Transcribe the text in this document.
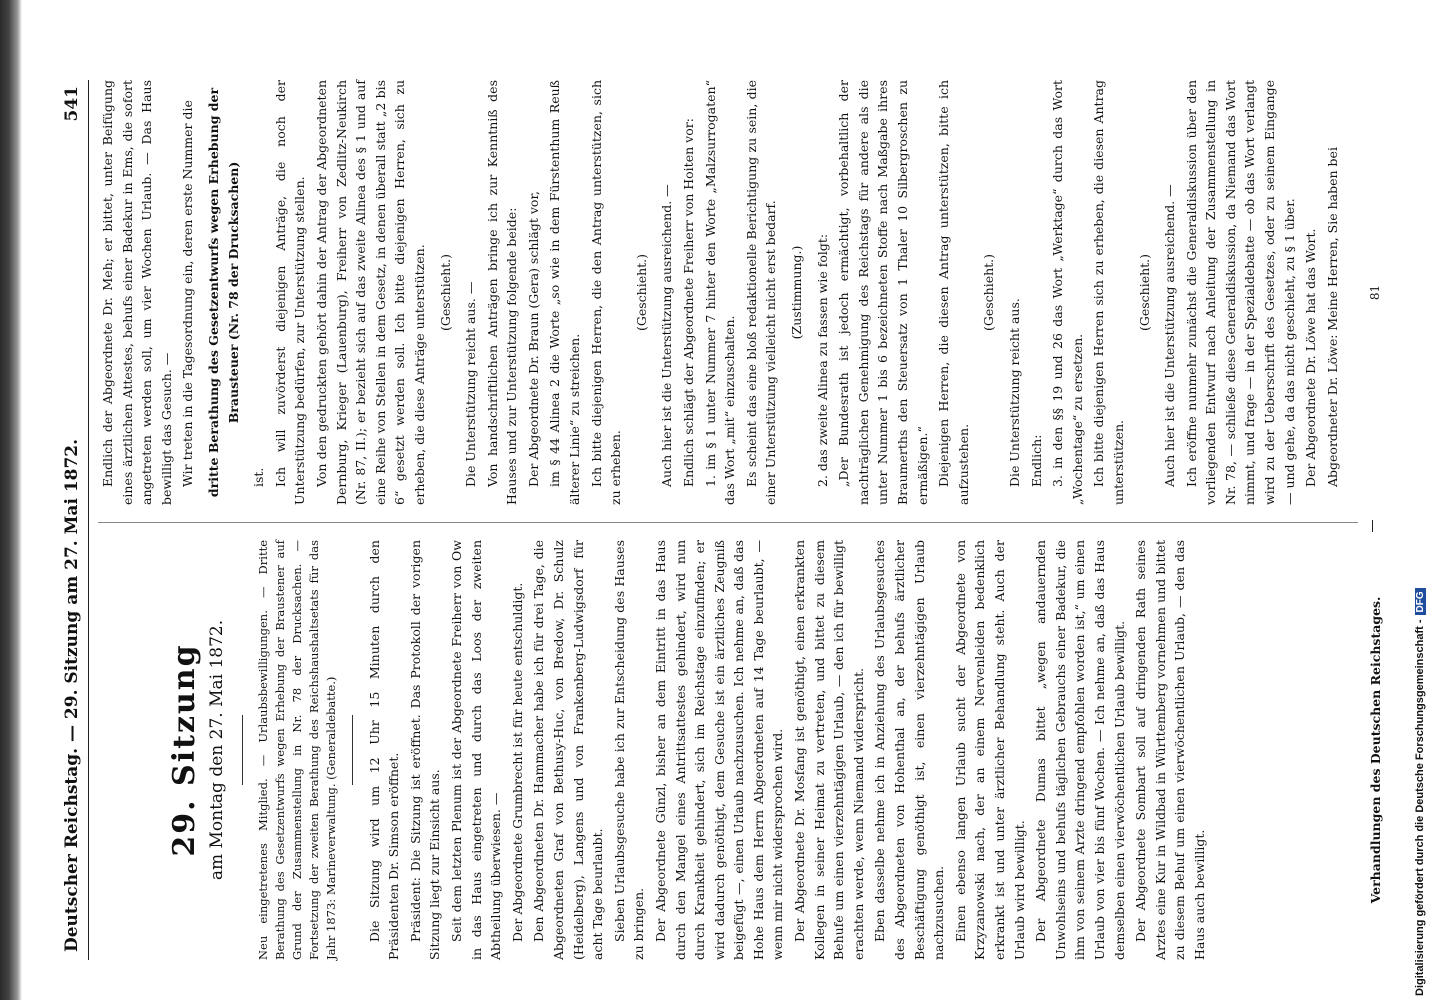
Deutscher Reichstag. — 29. Sitzung am 27. Mai 1872.
541
29. Sitzung am Montag den 27. Mai 1872. Neu eingetretenes Mitglied. — Urlaubsbewilligungen. — Dritte Berathung des Gesetzentwurfs wegen Erhebung der Braustener auf Grund der Zusammenstellung in Nr. 78 der Drucksachen. — Fortsetzung der zweiten Berathung des Reichshaushaltsetats für das Jahr 1873: Marineverwaltung. (Generaldebatte.) Die Sitzung wird um 12 Uhr 15 Minuten durch den Präsidenten Dr. Simson eröffnet. Präsident: Die Sitzung ist eröffnet. Das Protokoll der vorigen Sitzung liegt zur Einsicht aus. Seit dem letzten Plenum ist der Abgeordnete Freiherr von Ow in das Haus eingetreten und durch das Loos der zweiten Abtheilung überwiesen. — Der Abgeordnete Grumbrecht ist für heute entschuldigt. Den Abgeordneten Dr. Hammacher habe ich für drei Tage, die Abgeordneten Graf von Bethusy-Huc, von Bredow, Dr. Schulz (Heidelberg), Langens und von Frankenberg-Ludwigsdorf für acht Tage beurlaubt. Sieben Urlaubsgesuche habe ich zur Entscheidung des Hauses zu bringen. Der Abgeordnete Günzl, bisher an dem Eintritt in das Haus durch den Mangel eines Antrittsattestes gehindert, wird nun durch Krankheit gehindert, sich im Reichstage einzufinden; er wird dadurch genöthigt, dem Gesuche ist ein ärztliches Zeugniß beigefügt —, einen Urlaub nachzusuchen. Ich nehme an, daß das Hohe Haus dem Herrn Abgeordneten auf 14 Tage beurlaubt, — wenn mir nicht widersprochen wird. Der Abgeordnete Dr. Mosfang ist genöthigt, einen erkrankten Kollegen in seiner Heimat zu vertreten, und bittet zu diesem Behufe um einen vierzehntägigen Urlaub, — den ich für bewilligt erachten werde, wenn Niemand widerspricht. Eben dasselbe nehme ich in Anziehung des Urlaubsgesuches des Abgeordneten von Hohenthal an, der behufs ärztlicher Beschäftigung genöthigt ist, einen vierzehntägigen Urlaub nachzusuchen. Einen ebenso langen Urlaub sucht der Abgeordnete von Krzyzanowski nach, der an einem Nervenleiden bedenklich erkrankt ist und unter ärztlicher Behandlung steht. Auch der Urlaub wird bewilligt. Der Abgeordnete Dumas bittet „wegen andauernden Unwohlseins und behufs täglichen Gebrauchs einer Badekur, die ihm von seinem Arzte dringend empfohlen worden ist,“ um einen Urlaub von vier bis fünf Wochen. — Ich nehme an, daß das Haus demselben einen vierwöchentlichen Urlaub bewilligt. Der Abgeordnete Sombart soll auf dringenden Rath seines Arztes eine Kur in Wildbad in Württemberg vornehmen und bittet zu diesem Behuf um einen vierwöchentlichen Urlaub, — den das Haus auch bewilligt.
Endlich der Abgeordnete Dr. Meh; er bittet, unter Beifügung eines ärztlichen Attestes, behufs einer Badekur in Ems, die sofort angetreten werden soll, um vier Wochen Urlaub. — Das Haus bewilligt das Gesuch. — Wir treten in die Tagesordnung ein, deren erste Nummer die dritte Berathung des Gesetzentwurfs wegen Erhebung der Brausteuer (Nr. 78 der Drucksachen)
ist. Ich will zuvörderst diejenigen Anträge, die noch der Unterstützung bedürfen, zur Unterstützung stellen. Von den gedruckten gehört dahin der Antrag der Abgeordneten Dernburg, Krieger (Lauenburg), Freiherr von Zedlitz-Neukirch (Nr. 87, II.); er bezieht sich auf das zweite Alinea des § 1 und auf eine Reihe von Stellen in dem Gesetz, in denen überall statt „2 bis 6“ gesetzt werden soll. Ich bitte diejenigen Herren, sich zu erheben, die diese Anträge unterstützen. (Geschieht.) Die Unterstützung reicht aus. — Von handschriftlichen Anträgen bringe ich zur Kenntniß des Hauses und zur Unterstützung folgende beide: Der Abgeordnete Dr. Braun (Gera) schlägt vor, im § 44 Alinea 2 die Worte „so wie in dem Fürstenthum Reuß älterer Linie“ zu streichen. Ich bitte diejenigen Herren, die den Antrag unterstützen, sich zu erheben.
(Geschieht.) Auch hier ist die Unterstützung ausreichend. — Endlich schlägt der Abgeordnete Freiherr von Hoiten vor: 1. im § 1 unter Nummer 7 hinter den Worte „Malzsurrogaten“ das Wort „mit“ einzuschalten. Es scheint das eine bloß redaktionelle Berichtigung zu sein, die einer Unterstützung vielleicht nicht erst bedarf. (Zustimmung.) 2. das zweite Alinea zu fassen wie folgt: „Der Bundesrath ist jedoch ermächtigt, vorbehaltlich der nachträglichen Genehmigung des Reichstags für andere als die unter Nummer 1 bis 6 bezeichneten Stoffe nach Maßgabe ihres Braumerths den Steuersatz von 1 Thaler 10 Silbergroschen zu ermäßigen.“ Diejenigen Herren, die diesen Antrag unterstützen, bitte ich aufzustehen.
(Geschieht.)
Die Unterstützung reicht aus. Endlich: 3. in den §§ 19 und 26 das Wort „Werktage“ durch das Wort „Wochentage“ zu ersetzen. Ich bitte diejenigen Herren sich zu erheben, die diesen Antrag unterstützen.
(Geschieht.) Auch hier ist die Unterstützung ausreichend. — Ich eröffne nunmehr zunächst die Generaldiskussion über den vorliegenden Entwurf nach Anleitung der Zusammenstellung in Nr. 78, — schließe diese Generaldiskussion, da Niemand das Wort nimmt, und frage — in der Spezialdebatte — ob das Wort verlangt wird zu der Ueberschrift des Gesetzes, oder zu seinem Eingange — und gehe, da das nicht geschieht, zu § 1 über. Der Abgeordnete Dr. Löwe hat das Wort. Abgeordneter Dr. Löwe: Meine Herren, Sie haben bei
Verhandlungen des Deutschen Reichstages.
81
Digitalisierung gefördert durch die Deutsche Forschungsgemeinschaft -DFG
